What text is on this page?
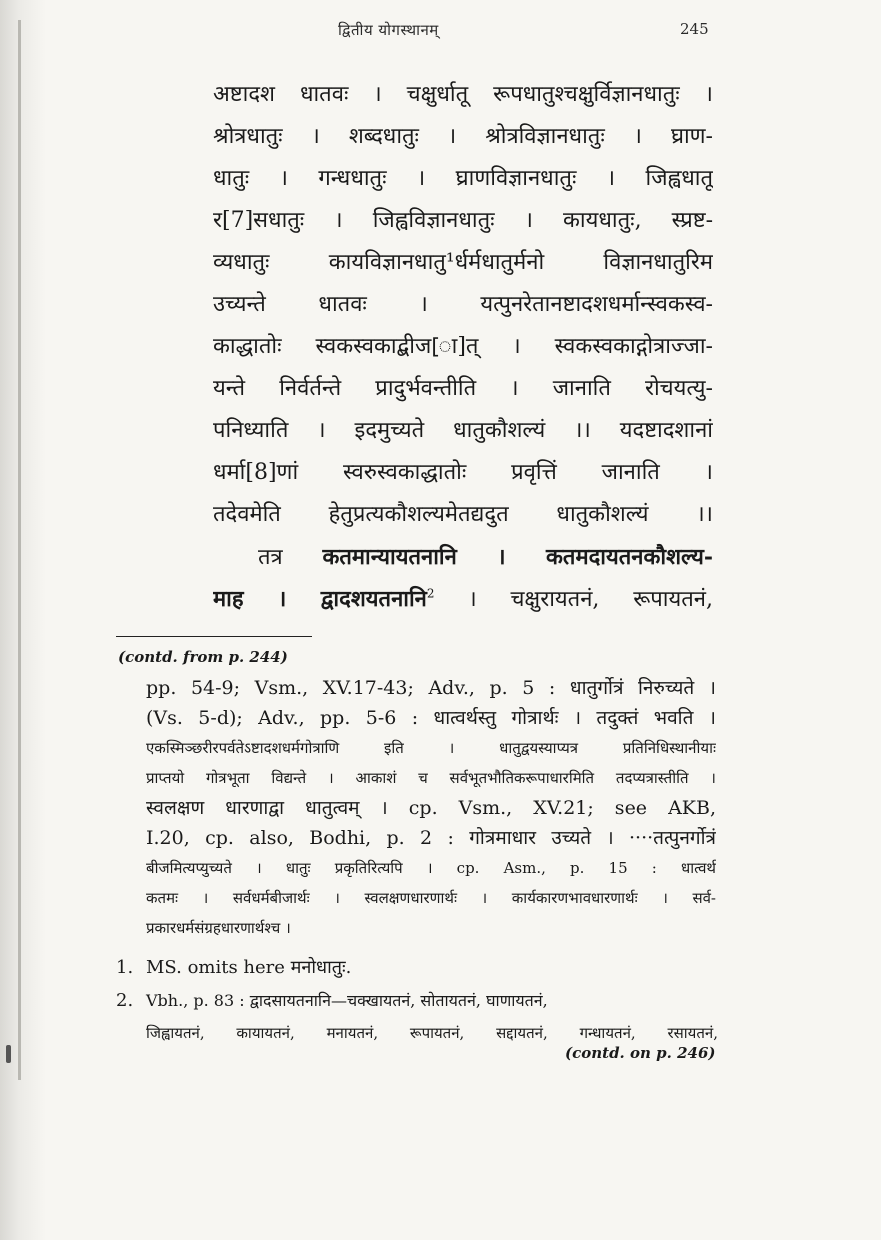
द्वितीय योगस्थानम्	245
अष्टादश धातवः । चक्षुर्धातू रूपधातुश्चक्षुर्विज्ञानधातुः ।
श्रोत्रधातुः । शब्दधातुः । श्रोत्रविज्ञानधातुः । घ्राण-
धातुः । गन्धधातुः । घ्राणविज्ञानधातुः । जिह्वधातू
र[7]सधातुः । जिह्वविज्ञानधातुः । कायधातुः, स्प्रष्ट-
व्यधातुः कायविज्ञानधातु¹र्धर्मधातुर्मनो विज्ञानधातुरिम
उच्यन्ते धातवः । यत्पुनरेतानष्टादशधर्मान्स्वकस्व-
काद्धातोः स्वकस्वकाद्बीज[ा]त् । स्वकस्वकाद्गोत्राज्जा-
यन्ते निर्वर्तन्ते प्रादुर्भवन्तीति । जानाति रोचयत्यु-
पनिध्याति । इदमुच्यते धातुकौशल्यं ।। यदष्टादशानां
धर्मा[8]णां स्वरुस्वकाद्धातोः प्रवृत्तिं जानाति ।
तदेवमेति हेतुप्रत्यकौशल्यमेतद्यदुत धातुकौशल्यं ।।
तत्र कतमान्यायतनानि । कतमदायतनकौशल्य-
माह । द्वादशयतनानि$^2$ । चक्षुरायतनं, रूपायतनं,
(contd. from p. 244)
pp. 54-9; Vsm., XV.17-43; Adv., p. 5 : धातुर्गोत्रं निरुच्यते ।
(Vs. 5-d); Adv., pp. 5-6 : धात्वर्थस्तु गोत्रार्थः । तदुक्तं भवति ।
एकस्मिञ्छरीरपर्वतेऽष्टादशधर्मगोत्राणि इति । धातुद्वयस्याप्यत्र प्रतिनिधिस्थानीयाः
प्राप्तयो गोत्रभूता विद्यन्ते । आकाशं च सर्वभूतभौतिकरूपाधारमिति तदप्यत्रास्तीति ।
स्वलक्षण धारणाद्वा धातुत्वम् । cp. Vsm., XV.21; see AKB,
I.20, cp. also, Bodhi, p. 2 : गोत्रमाधार उच्यते । ····तत्पुनर्गोत्रं
बीजमित्यप्युच्यते । धातुः प्रकृतिरित्यपि । cp. Asm., p. 15 : धात्वर्थ
कतमः । सर्वधर्मबीजार्थः । स्वलक्षणधारणार्थः । कार्यकारणभावधारणार्थः । सर्व-
प्रकारधर्मसंग्रहधारणार्थश्च ।
1. MS. omits here मनोधातुः.
2. Vbh., p. 83 : द्वादसायतनानि—चक्खायतनं, सोतायतनं, घाणायतनं,
जिह्वायतनं, कायायतनं, मनायतनं, रूपायतनं, सद्दायतनं, गन्धायतनं, रसायतनं,
(contd. on p. 246)
